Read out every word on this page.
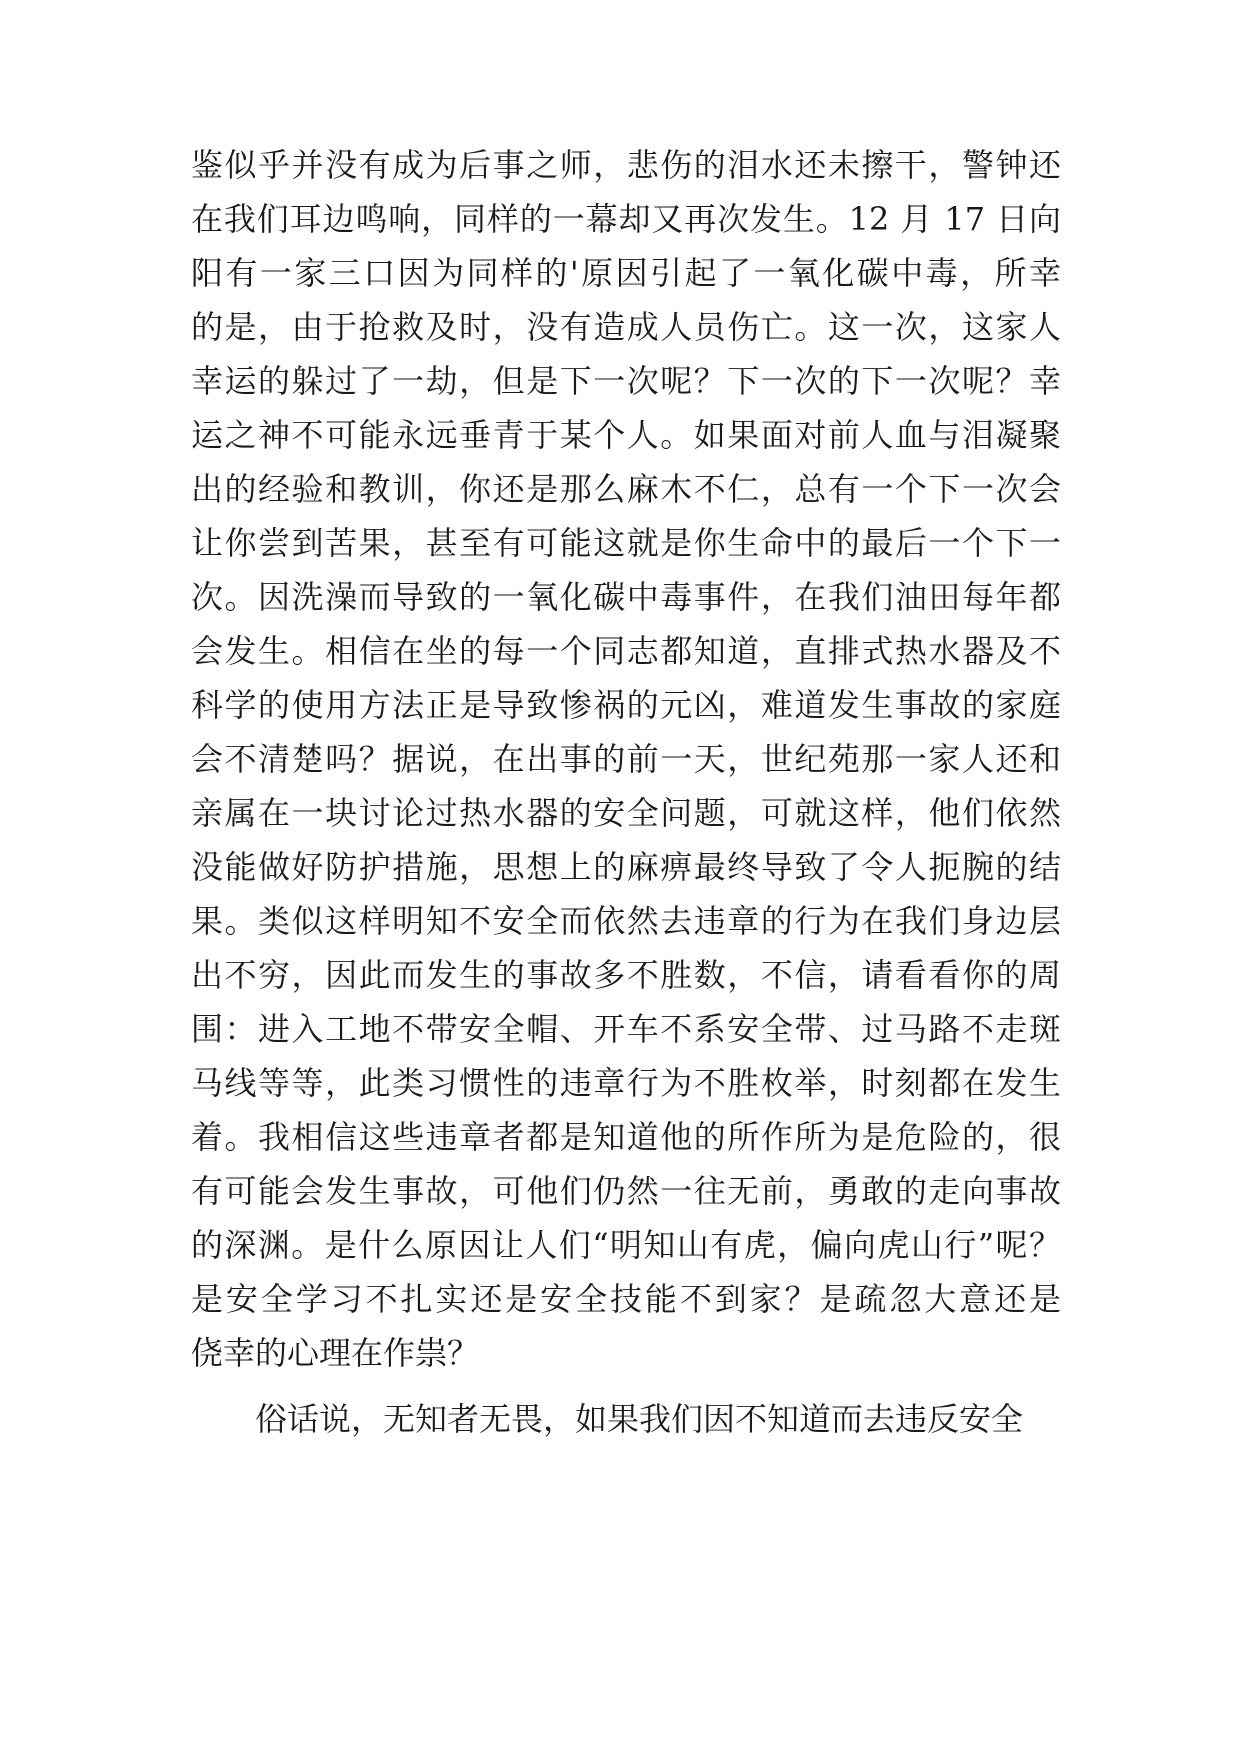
鉴似乎并没有成为后事之师，悲伤的泪水还未擦干，警钟还
在我们耳边鸣响，同样的一幕却又再次发生。12 月 17 日向
阳有一家三口因为同样的'原因引起了一氧化碳中毒，所幸
的是，由于抢救及时，没有造成人员伤亡。这一次，这家人
幸运的躲过了一劫，但是下一次呢？下一次的下一次呢？幸
运之神不可能永远垂青于某个人。如果面对前人血与泪凝聚
出的经验和教训，你还是那么麻木不仁，总有一个下一次会
让你尝到苦果，甚至有可能这就是你生命中的最后一个下一
次。因洗澡而导致的一氧化碳中毒事件，在我们油田每年都
会发生。相信在坐的每一个同志都知道，直排式热水器及不
科学的使用方法正是导致惨祸的元凶，难道发生事故的家庭
会不清楚吗？据说，在出事的前一天，世纪苑那一家人还和
亲属在一块讨论过热水器的安全问题，可就这样，他们依然
没能做好防护措施，思想上的麻痹最终导致了令人扼腕的结
果。类似这样明知不安全而依然去违章的行为在我们身边层
出不穷，因此而发生的事故多不胜数，不信，请看看你的周
围：进入工地不带安全帽、开车不系安全带、过马路不走斑
马线等等，此类习惯性的违章行为不胜枚举，时刻都在发生
着。我相信这些违章者都是知道他的所作所为是危险的，很
有可能会发生事故，可他们仍然一往无前，勇敢的走向事故
的深渊。是什么原因让人们“明知山有虎，偏向虎山行”呢？
是安全学习不扎实还是安全技能不到家？是疏忽大意还是
侥幸的心理在作祟？
俗话说，无知者无畏，如果我们因不知道而去违反安全
